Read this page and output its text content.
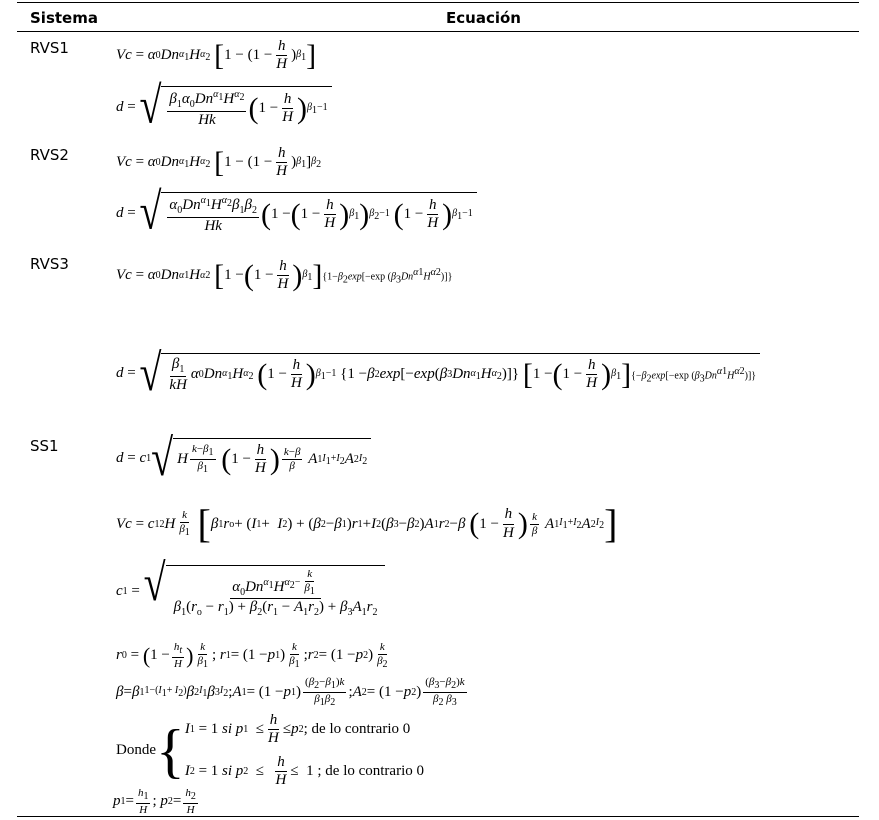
Sistema	Ecuación
RVS1	Vc = α 0 Dn $\alpha_1$ H $\alpha_2$
[ $1 - (1 - \frac{h}{H}$ ) $\beta_1$ ]
d = √ $\frac{\beta_1\alpha_0Dn^{\alpha_1}H^{\alpha_2}}{Hk}$ ( $1 - \frac{h}{H}$ ) $\beta_1-1$
RVS2	Vc = α 0 Dn $\alpha_1$ H $\alpha_2$
[ $1 - (1 - \frac{h}{H}$ ) $\beta_1$ ] $\beta_2$
d = √ $\frac{\alpha_0Dn^{\alpha_1}H^{\alpha_2}\beta_1\beta_2}{Hk}$ ( 1 − ( $1 - \frac{h}{H}$ ) $\beta_1$ ) $\beta_2-1$
( $1 - \frac{h}{H}$ ) $\beta_1-1$
RVS3
Vc = α 0 Dn α1 H α2
[ 1 − ( $1 - \frac{h}{H}$ ) $\beta_1$ ] {$1-\beta_2\exp[-\exp$ $(\beta_3Dn^{\alpha 1}H^{\alpha 2})$]}
d = √ $\frac{\beta_1}{kH}$ α 0 Dn $\alpha_1$ H $\alpha_2$
( $1 - \frac{h}{H}$ ) $\beta_1-1$ {1 − β 2 exp [− exp ( β 3 Dn $\alpha_1$ H $\alpha_2$ )]} [ 1 − ( $1 - \frac{h}{H}$ ) $\beta_1$ ] {$-\beta_2\exp[-\exp$ $(\beta_3Dn^{\alpha 1}H^{\alpha 2})$]}
SS1
d = c 1 √ H $\frac{k-\beta_1}{\beta_1}$
( $1 - \frac{h}{H}$ ) $\frac{k-\beta}{\beta}$
A 1 $I_1+I_2$ A 2 $I_2$
Vc = c 1 2 H $\frac{k}{\beta_1}$
[ β 1 r o + ( I 1 + I 2 ) + ( β 2 − β 1 ) r 1 + I 2 ( β 3 − β 2 ) A 1 r 2 − β
( $1 - \frac{h}{H}$ ) $\frac{k}{\beta}$
A 1 $I_1+I_2$ A 2 $I_2$ ]
c 1 = √ $\alpha_0Dn^{\alpha_1}H^{\alpha_2- \frac{k}{\beta_1}}$
$\beta_1(r_o - r_1) + \beta_2(r_1 - A_1r_2) + \beta_3A_1r_2$
r 0 = ( $1 - \frac{h_t}{H}$ ) $\frac{k}{\beta_1}$ ; r 1 = (1 − p 1 ) $\frac{k}{\beta_1}$ ; r 2 = (1 − p 2 ) $\frac{k}{\beta_2}$
β = β 1 $1-(I_1+ I_2)$ β 2 $I_1$ β 3 $I_2$ ; A 1 = (1 − p 1 ) $\frac{(\beta_2-\beta_1)k}{\beta_1\beta_2}$ ; A 2 = (1 − p 2 ) $\frac{(\beta_3-\beta_2)k}{\beta_2 \beta_3}$
Donde { I 1 = 1 si
p $1 \le \frac{h}{H} \le p$ 2 ; de lo contrario 0
I 2 = 1 si
p $2 \le \frac{h}{H} \le 1$ ; de lo contrario 0
p $1 = \frac{h_1}{H}$ ; p $2 = \frac{h_2}{H}$
